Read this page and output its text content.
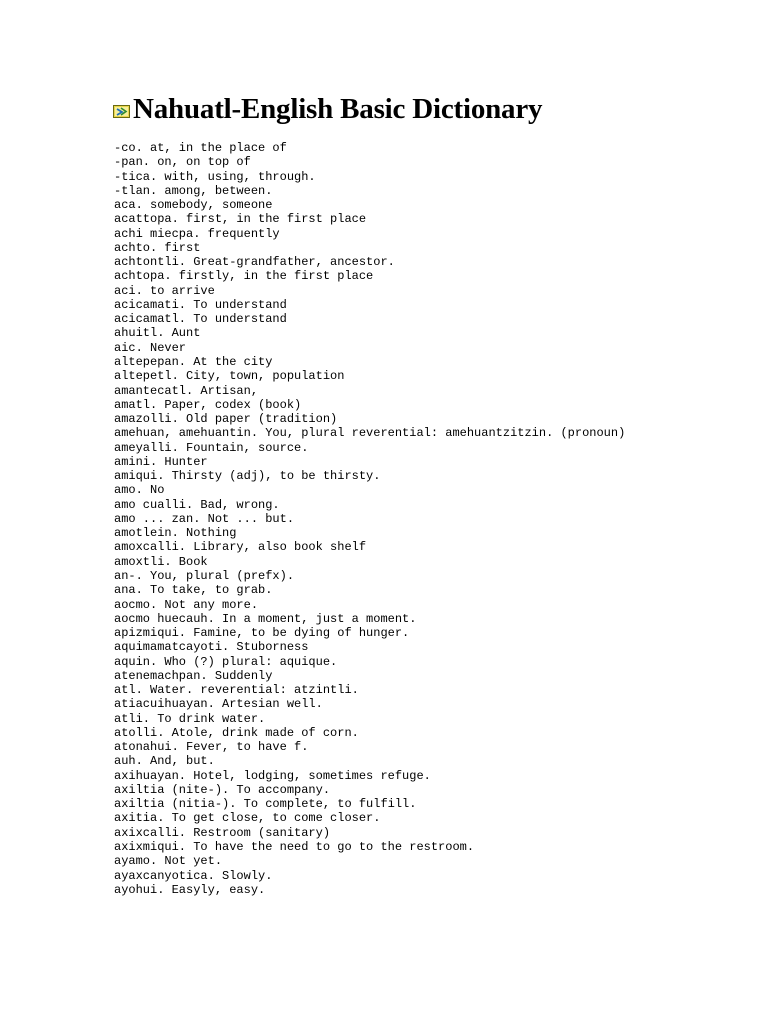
Nahuatl-English Basic Dictionary
-co. at, in the place of
-pan. on, on top of
-tica. with, using, through.
-tlan. among, between.
aca. somebody, someone
acattopa. first, in the first place
achi miecpa. frequently
achto. first
achtontli. Great-grandfather, ancestor.
achtopa. firstly, in the first place
aci. to arrive
acicamati. To understand
acicamatl. To understand
ahuitl. Aunt
aic. Never
altepepan. At the city
altepetl. City, town, population
amantecatl. Artisan,
amatl. Paper, codex (book)
amazolli. Old paper (tradition)
amehuan, amehuantin. You, plural reverential: amehuantzitzin. (pronoun)
ameyalli. Fountain, source.
amini. Hunter
amiqui. Thirsty (adj), to be thirsty.
amo. No
amo cualli. Bad, wrong.
amo ... zan. Not ... but.
amotlein. Nothing
amoxcalli. Library, also book shelf
amoxtli. Book
an-. You, plural (prefx).
ana. To take, to grab.
aocmo. Not any more.
aocmo huecauh. In a moment, just a moment.
apizmiqui. Famine, to be dying of hunger.
aquimamatcayoti. Stuborness
aquin. Who (?) plural: aquique.
atenemachpan. Suddenly
atl. Water. reverential: atzintli.
atiacuihuayan. Artesian well.
atli. To drink water.
atolli. Atole, drink made of corn.
atonahui. Fever, to have f.
auh. And, but.
axihuayan. Hotel, lodging, sometimes refuge.
axiltia (nite-). To accompany.
axiltia (nitia-). To complete, to fulfill.
axitia. To get close, to come closer.
axixcalli. Restroom (sanitary)
axixmiqui. To have the need to go to the restroom.
ayamo. Not yet.
ayaxcanyotica. Slowly.
ayohui. Easyly, easy.
